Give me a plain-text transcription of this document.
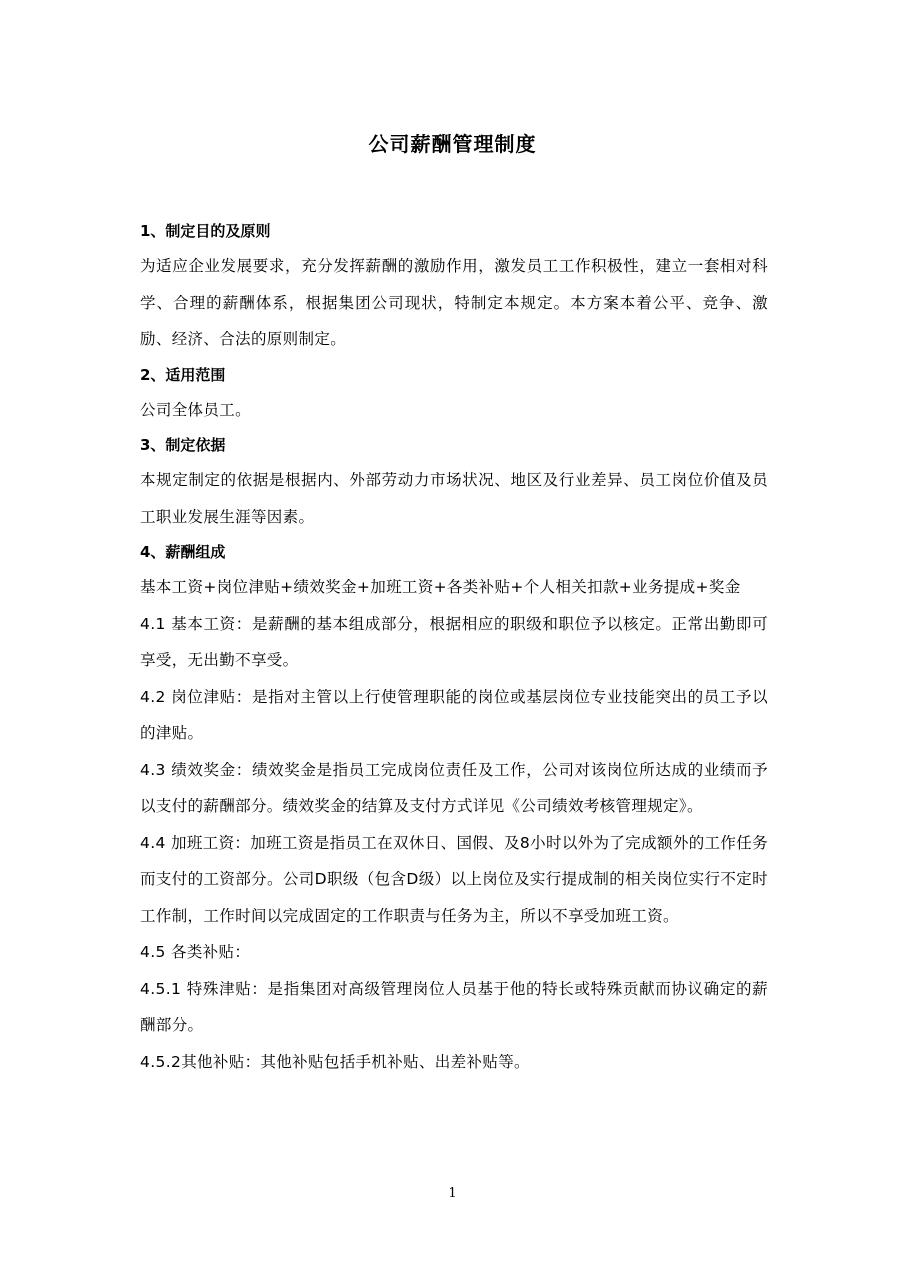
公司薪酬管理制度
1、制定目的及原则
为适应企业发展要求，充分发挥薪酬的激励作用，激发员工工作积极性，建立一套相对科学、合理的薪酬体系，根据集团公司现状，特制定本规定。本方案本着公平、竞争、激励、经济、合法的原则制定。
2、适用范围
公司全体员工。
3、制定依据
本规定制定的依据是根据内、外部劳动力市场状况、地区及行业差异、员工岗位价值及员工职业发展生涯等因素。
4、薪酬组成
基本工资+岗位津贴+绩效奖金+加班工资+各类补贴+个人相关扣款+业务提成+奖金
4.1 基本工资：是薪酬的基本组成部分，根据相应的职级和职位予以核定。正常出勤即可享受，无出勤不享受。
4.2 岗位津贴：是指对主管以上行使管理职能的岗位或基层岗位专业技能突出的员工予以的津贴。
4.3 绩效奖金：绩效奖金是指员工完成岗位责任及工作，公司对该岗位所达成的业绩而予以支付的薪酬部分。绩效奖金的结算及支付方式详见《公司绩效考核管理规定》。
4.4 加班工资：加班工资是指员工在双休日、国假、及8小时以外为了完成额外的工作任务而支付的工资部分。公司D职级（包含D级）以上岗位及实行提成制的相关岗位实行不定时工作制，工作时间以完成固定的工作职责与任务为主，所以不享受加班工资。
4.5 各类补贴：
4.5.1 特殊津贴：是指集团对高级管理岗位人员基于他的特长或特殊贡献而协议确定的薪酬部分。
4.5.2其他补贴：其他补贴包括手机补贴、出差补贴等。
1
